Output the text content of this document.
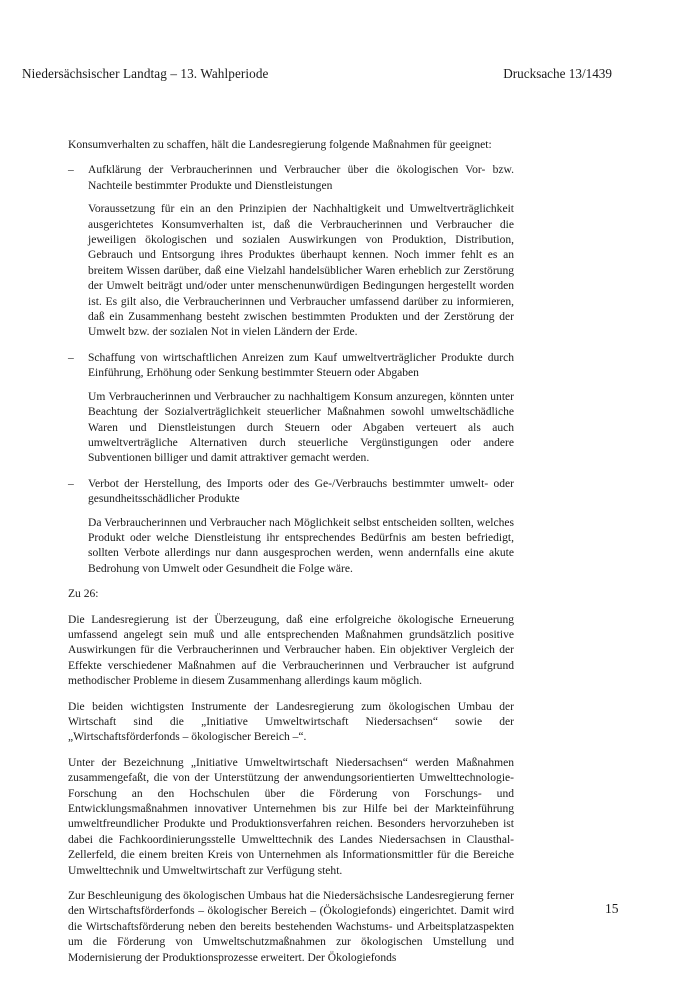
Niedersächsischer Landtag – 13. Wahlperiode	Drucksache 13/1439

Konsumverhalten zu schaffen, hält die Landesregierung folgende Maßnahmen für geeignet:

– Aufklärung der Verbraucherinnen und Verbraucher über die ökologischen Vor- bzw. Nachteile bestimmter Produkte und Dienstleistungen

Voraussetzung für ein an den Prinzipien der Nachhaltigkeit und Umweltverträglichkeit ausgerichtetes Konsumverhalten ist, daß die Verbraucherinnen und Verbraucher die jeweiligen ökologischen und sozialen Auswirkungen von Produktion, Distribution, Gebrauch und Entsorgung ihres Produktes überhaupt kennen. Noch immer fehlt es an breitem Wissen darüber, daß eine Vielzahl handelsüblicher Waren erheblich zur Zerstörung der Umwelt beiträgt und/oder unter menschenunwürdigen Bedingungen hergestellt worden ist. Es gilt also, die Verbraucherinnen und Verbraucher umfassend darüber zu informieren, daß ein Zusammenhang besteht zwischen bestimmten Produkten und der Zerstörung der Umwelt bzw. der sozialen Not in vielen Ländern der Erde.

– Schaffung von wirtschaftlichen Anreizen zum Kauf umweltverträglicher Produkte durch Einführung, Erhöhung oder Senkung bestimmter Steuern oder Abgaben

Um Verbraucherinnen und Verbraucher zu nachhaltigem Konsum anzuregen, könnten unter Beachtung der Sozialverträglichkeit steuerlicher Maßnahmen sowohl umweltschädliche Waren und Dienstleistungen durch Steuern oder Abgaben verteuert als auch umweltverträgliche Alternativen durch steuerliche Vergünstigungen oder andere Subventionen billiger und damit attraktiver gemacht werden.

– Verbot der Herstellung, des Imports oder des Ge-/Verbrauchs bestimmter umwelt- oder gesundheitsschädlicher Produkte

Da Verbraucherinnen und Verbraucher nach Möglichkeit selbst entscheiden sollten, welches Produkt oder welche Dienstleistung ihr entsprechendes Bedürfnis am besten befriedigt, sollten Verbote allerdings nur dann ausgesprochen werden, wenn andernfalls eine akute Bedrohung von Umwelt oder Gesundheit die Folge wäre.

Zu 26:

Die Landesregierung ist der Überzeugung, daß eine erfolgreiche ökologische Erneuerung umfassend angelegt sein muß und alle entsprechenden Maßnahmen grundsätzlich positive Auswirkungen für die Verbraucherinnen und Verbraucher haben. Ein objektiver Vergleich der Effekte verschiedener Maßnahmen auf die Verbraucherinnen und Verbraucher ist aufgrund methodischer Probleme in diesem Zusammenhang allerdings kaum möglich.

Die beiden wichtigsten Instrumente der Landesregierung zum ökologischen Umbau der Wirtschaft sind die „Initiative Umweltwirtschaft Niedersachsen“ sowie der „Wirtschaftsförderfonds – ökologischer Bereich –“.

Unter der Bezeichnung „Initiative Umweltwirtschaft Niedersachsen“ werden Maßnahmen zusammengefaßt, die von der Unterstützung der anwendungsorientierten Umwelttechnologie-Forschung an den Hochschulen über die Förderung von Forschungs- und Entwicklungsmaßnahmen innovativer Unternehmen bis zur Hilfe bei der Markteinführung umweltfreundlicher Produkte und Produktionsverfahren reichen. Besonders hervorzuheben ist dabei die Fachkoordinierungsstelle Umwelttechnik des Landes Niedersachsen in Clausthal-Zellerfeld, die einem breiten Kreis von Unternehmen als Informationsmittler für die Bereiche Umwelttechnik und Umweltwirtschaft zur Verfügung steht.

Zur Beschleunigung des ökologischen Umbaus hat die Niedersächsische Landesregierung ferner den Wirtschaftsförderfonds – ökologischer Bereich – (Ökologiefonds) eingerichtet. Damit wird die Wirtschaftsförderung neben den bereits bestehenden Wachstums- und Arbeitsplatzaspekten um die Förderung von Umweltschutzmaßnahmen zur ökologischen Umstellung und Modernisierung der Produktionsprozesse erweitert. Der Ökologiefonds

15
